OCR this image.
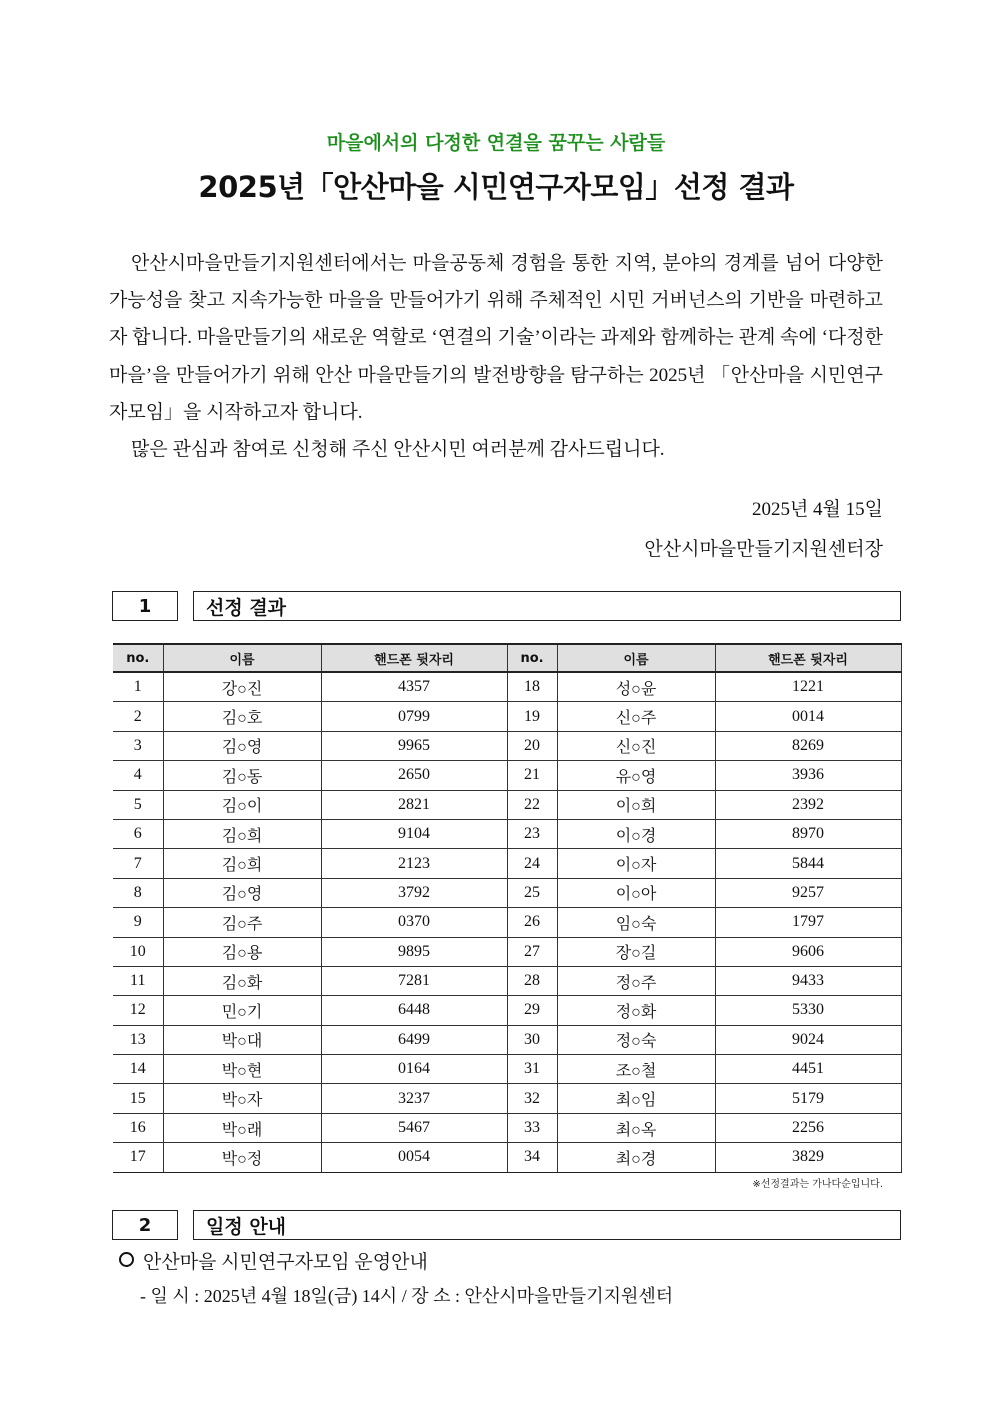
마을에서의 다정한 연결을 꿈꾸는 사람들
2025년「안산마을 시민연구자모임」선정 결과

안산시마을만들기지원센터에서는 마을공동체 경험을 통한 지역, 분야의 경계를 넘어 다양한 가능성을 찾고 지속가능한 마을을 만들어가기 위해 주체적인 시민 거버넌스의 기반을 마련하고자 합니다. 마을만들기의 새로운 역할로 ‘연결의 기술’이라는 과제와 함께하는 관계 속에 ‘다정한 마을’을 만들어가기 위해 안산 마을만들기의 발전방향을 탐구하는 2025년 「안산마을 시민연구자모임」을 시작하고자 합니다.

많은 관심과 참여로 신청해 주신 안산시민 여러분께 감사드립니다.

2025년 4월 15일
안산시마을만들기지원센터장
1	선정 결과
no.	이름	핸드폰 뒷자리	no.	이름	핸드폰 뒷자리
1	강○진	4357	18	성○윤	1221
2	김○호	0799	19	신○주	0014
3	김○영	9965	20	신○진	8269
4	김○동	2650	21	유○영	3936
5	김○이	2821	22	이○희	2392
6	김○희	9104	23	이○경	8970
7	김○희	2123	24	이○자	5844
8	김○영	3792	25	이○아	9257
9	김○주	0370	26	임○숙	1797
10	김○용	9895	27	장○길	9606
11	김○화	7281	28	정○주	9433
12	민○기	6448	29	정○화	5330
13	박○대	6499	30	정○숙	9024
14	박○현	0164	31	조○철	4451
15	박○자	3237	32	최○임	5179
16	박○래	5467	33	최○옥	2256
17	박○정	0054	34	최○경	3829
※선정결과는 가나다순입니다.
2	일정 안내
안산마을 시민연구자모임 운영안내
- 일 시 : 2025년 4월 18일(금) 14시 / 장 소 : 안산시마을만들기지원센터
